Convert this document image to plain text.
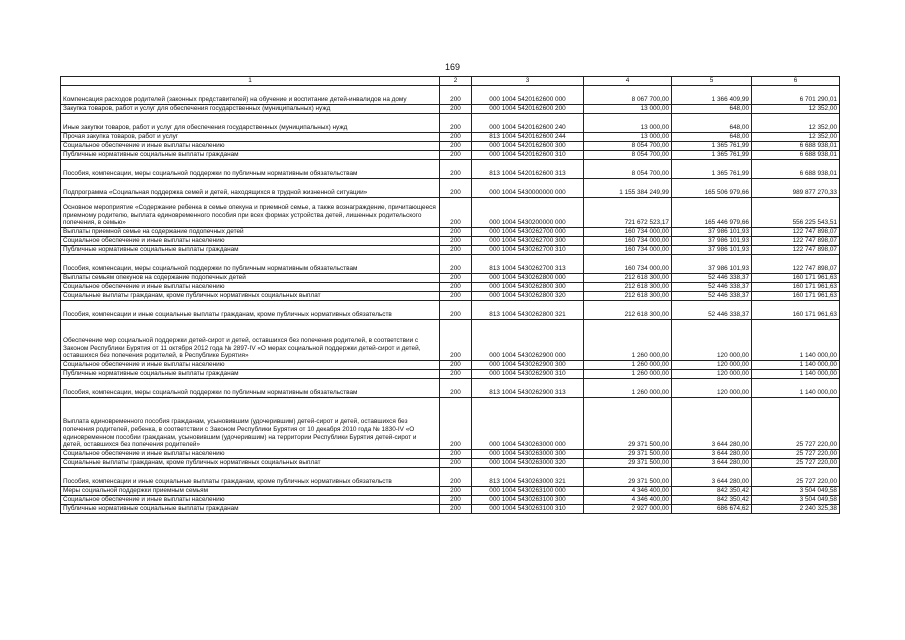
169
1	2	3	4	5	6
Компенсация расходов родителей (законных представителей) на обучение и воспитание детей-инвалидов на дому	200	000 1004 5420162600 000	8 067 700,00	1 366 409,99	6 701 290,01
Закупка товаров, работ и услуг для обеспечения государственных (муниципальных) нужд	200	000 1004 5420162600 200	13 000,00	648,00	12 352,00
Иные закупки товаров, работ и услуг для обеспечения государственных (муниципальных) нужд	200	000 1004 5420162600 240	13 000,00	648,00	12 352,00
Прочая закупка товаров, работ и услуг	200	813 1004 5420162600 244	13 000,00	648,00	12 352,00
Социальное обеспечение и иные выплаты населению	200	000 1004 5420162600 300	8 054 700,00	1 365 761,99	6 688 938,01
Публичные нормативные социальные выплаты гражданам	200	000 1004 5420162600 310	8 054 700,00	1 365 761,99	6 688 938,01
Пособия, компенсации, меры социальной поддержки по публичным нормативным обязательствам	200	813 1004 5420162600 313	8 054 700,00	1 365 761,99	6 688 938,01
Подпрограмма «Социальная поддержка семей и детей, находящихся в трудной жизненной ситуации»	200	000 1004 5430000000 000	1 155 384 249,99	165 506 979,66	989 877 270,33
Основное мероприятие «Содержание ребенка в семье опекуна и приемной семье, а также вознаграждение, причитающееся приемному родителю, выплата единовременного пособия при всех формах устройства детей, лишенных родительского попечения, в семью»	200	000 1004 5430200000 000	721 672 523,17	165 446 979,66	556 225 543,51
Выплаты приемной семье на содержание подопечных детей	200	000 1004 5430262700 000	160 734 000,00	37 986 101,93	122 747 898,07
Социальное обеспечение и иные выплаты населению	200	000 1004 5430262700 300	160 734 000,00	37 986 101,93	122 747 898,07
Публичные нормативные социальные выплаты гражданам	200	000 1004 5430262700 310	160 734 000,00	37 986 101,93	122 747 898,07
Пособия, компенсации, меры социальной поддержки по публичным нормативным обязательствам	200	813 1004 5430262700 313	160 734 000,00	37 986 101,93	122 747 898,07
Выплаты семьям опекунов на содержание подопечных детей	200	000 1004 5430262800 000	212 618 300,00	52 446 338,37	160 171 961,63
Социальное обеспечение и иные выплаты населению	200	000 1004 5430262800 300	212 618 300,00	52 446 338,37	160 171 961,63
Социальные выплаты гражданам, кроме публичных нормативных социальных выплат	200	000 1004 5430262800 320	212 618 300,00	52 446 338,37	160 171 961,63
Пособия, компенсации и иные социальные выплаты гражданам, кроме публичных нормативных обязательств	200	813 1004 5430262800 321	212 618 300,00	52 446 338,37	160 171 961,63
Обеспечение мер социальной поддержки детей-сирот и детей, оставшихся без попечения родителей, в соответствии с Законом Республики Бурятия от 11 октября 2012 года № 2897-IV «О мерах социальной поддержки детей-сирот и детей, оставшихся без попечения родителей, в Республике Бурятия»	200	000 1004 5430262900 000	1 260 000,00	120 000,00	1 140 000,00
Социальное обеспечение и иные выплаты населению	200	000 1004 5430262900 300	1 260 000,00	120 000,00	1 140 000,00
Публичные нормативные социальные выплаты гражданам	200	000 1004 5430262900 310	1 260 000,00	120 000,00	1 140 000,00
Пособия, компенсации, меры социальной поддержки по публичным нормативным обязательствам	200	813 1004 5430262900 313	1 260 000,00	120 000,00	1 140 000,00
Выплата единовременного пособия гражданам, усыновившим (удочерившим) детей-сирот и детей, оставшихся без попечения родителей, ребенка, в соответствии с Законом Республики Бурятия от 10 декабря 2010 года № 1830-IV «О единовременном пособии гражданам, усыновившим (удочерившим) на территории Республики Бурятия детей-сирот и детей, оставшихся без попечения родителей»	200	000 1004 5430263000 000	29 371 500,00	3 644 280,00	25 727 220,00
Социальное обеспечение и иные выплаты населению	200	000 1004 5430263000 300	29 371 500,00	3 644 280,00	25 727 220,00
Социальные выплаты гражданам, кроме публичных нормативных социальных выплат	200	000 1004 5430263000 320	29 371 500,00	3 644 280,00	25 727 220,00
Пособия, компенсации и иные социальные выплаты гражданам, кроме публичных нормативных обязательств	200	813 1004 5430263000 321	29 371 500,00	3 644 280,00	25 727 220,00
Меры социальной поддержки приемным семьям	200	000 1004 5430263100 000	4 346 400,00	842 350,42	3 504 049,58
Социальное обеспечение и иные выплаты населению	200	000 1004 5430263100 300	4 346 400,00	842 350,42	3 504 049,58
Публичные нормативные социальные выплаты гражданам	200	000 1004 5430263100 310	2 927 000,00	686 674,62	2 240 325,38
